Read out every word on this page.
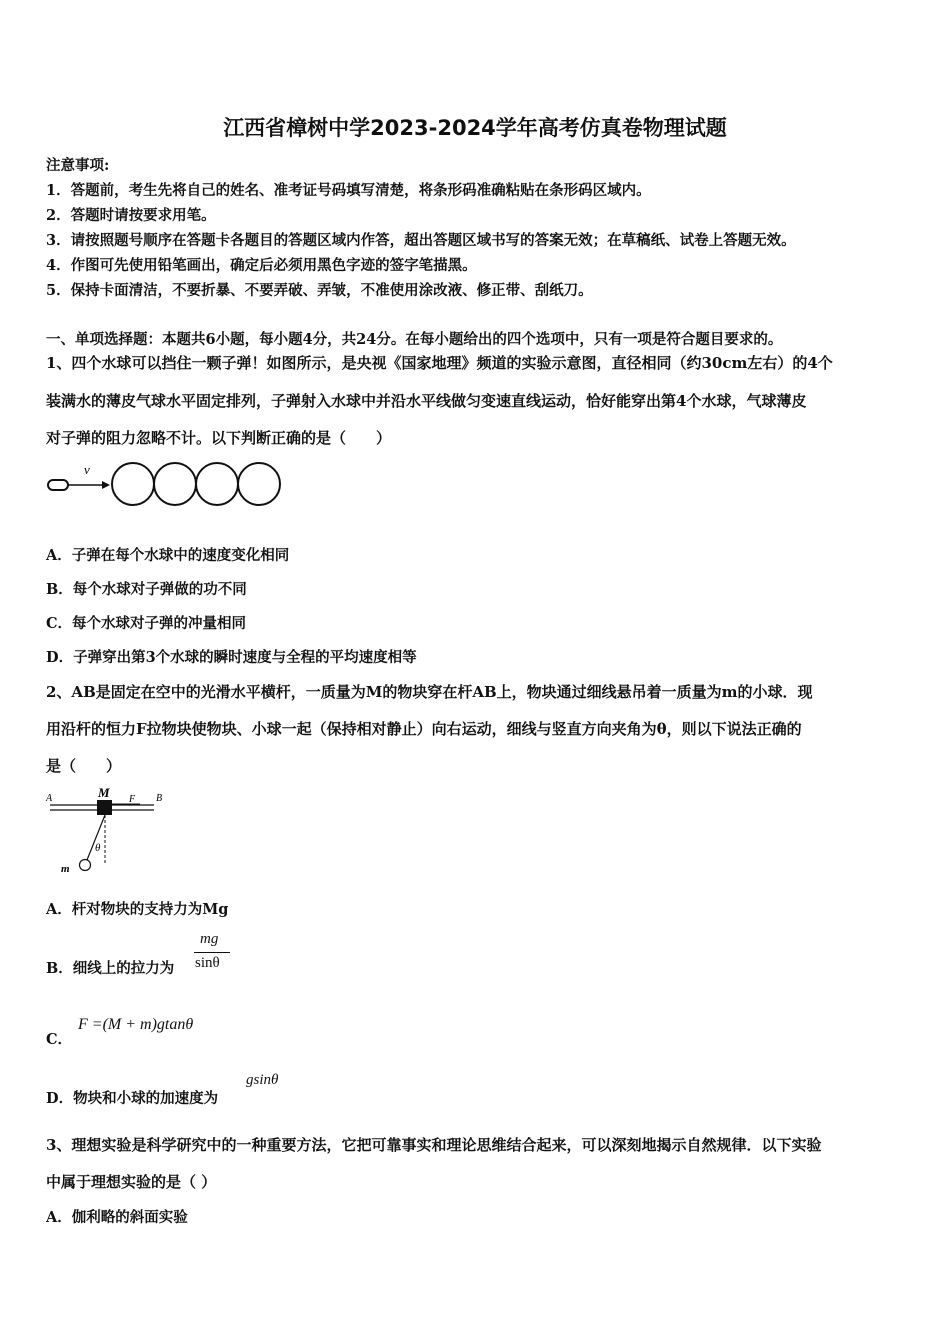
江西省樟树中学2023-2024学年高考仿真卷物理试题
注意事项:
1．答题前，考生先将自己的姓名、准考证号码填写清楚，将条形码准确粘贴在条形码区域内。
2．答题时请按要求用笔。
3．请按照题号顺序在答题卡各题目的答题区域内作答，超出答题区域书写的答案无效；在草稿纸、试卷上答题无效。
4．作图可先使用铅笔画出，确定后必须用黑色字迹的签字笔描黑。
5．保持卡面清洁，不要折暴、不要弄破、弄皱，不准使用涂改液、修正带、刮纸刀。
一、单项选择题：本题共6小题，每小题4分，共24分。在每小题给出的四个选项中，只有一项是符合题目要求的。
1、四个水球可以挡住一颗子弹！如图所示，是央视《国家地理》频道的实验示意图，直径相同（约30cm左右）的4个
装满水的薄皮气球水平固定排列，子弹射入水球中并沿水平线做匀变速直线运动，恰好能穿出第4个水球，气球薄皮
对子弹的阻力忽略不计。以下判断正确的是（　　）
v
A．子弹在每个水球中的速度变化相同
B．每个水球对子弹做的功不同
C．每个水球对子弹的冲量相同
D．子弹穿出第3个水球的瞬时速度与全程的平均速度相等
2、AB是固定在空中的光滑水平横杆，一质量为M的物块穿在杆AB上，物块通过细线悬吊着一质量为m的小球．现
用沿杆的恒力F拉物块使物块、小球一起（保持相对静止）向右运动，细线与竖直方向夹角为θ，则以下说法正确的
是（　　）
A	M F B
θ
m
A．杆对物块的支持力为Mg
B．细线上的拉力为
mg
sinθ
C．
F =(M + m)gtanθ
D．物块和小球的加速度为
gsinθ
3、理想实验是科学研究中的一种重要方法，它把可靠事实和理论思维结合起来，可以深刻地揭示自然规律．以下实验
中属于理想实验的是（ ）
A．伽利略的斜面实验
